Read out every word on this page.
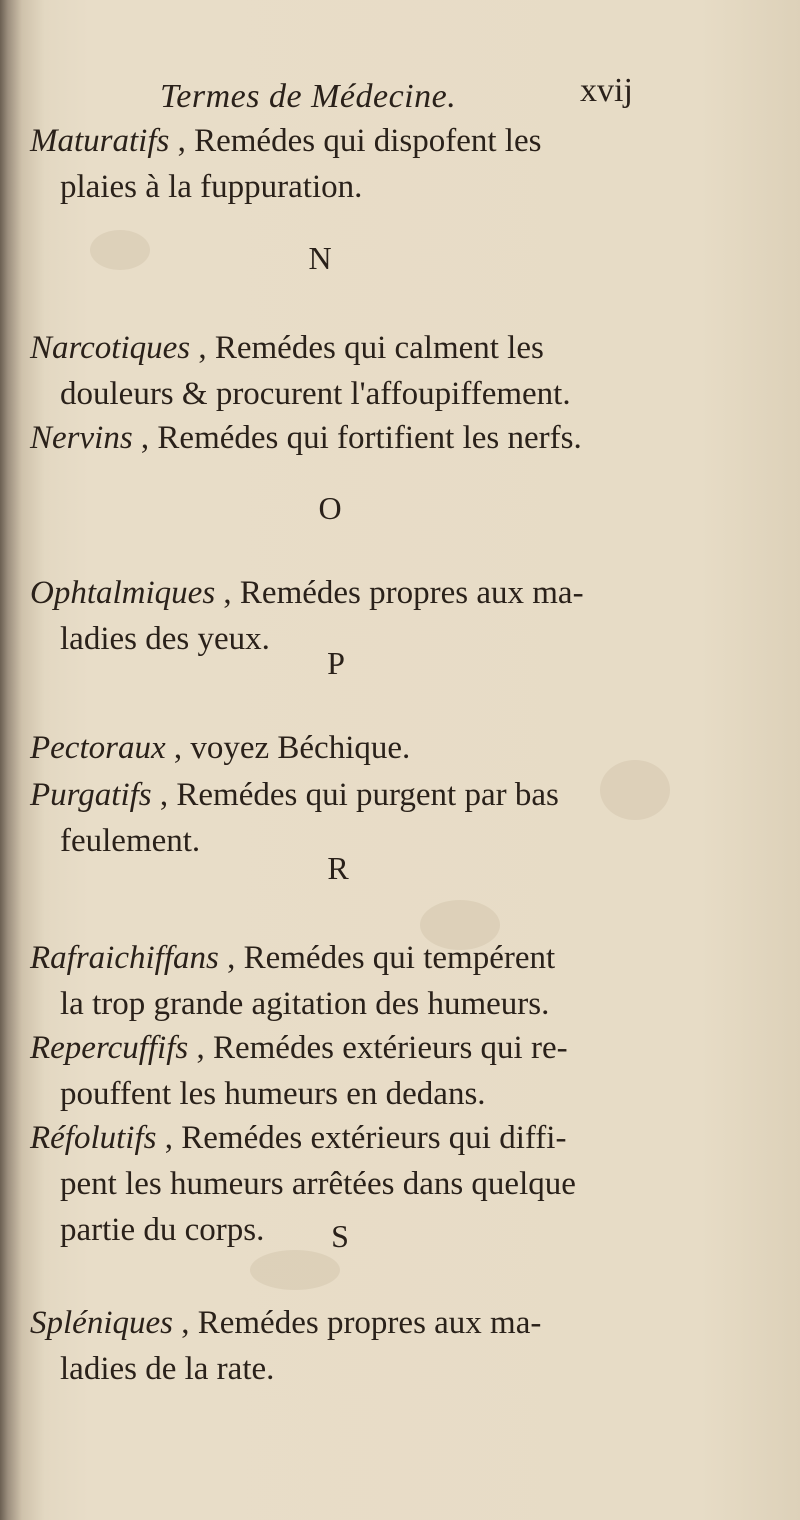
Termes de Médecine.	xvij
Maturatifs , Remédes qui dispofent les
plaies à la fuppuration.
N
Narcotiques , Remédes qui calment les
douleurs & procurent l'affoupiffement.
Nervins , Remédes qui fortifient les nerfs.
O
Ophtalmiques , Remédes propres aux ma-
ladies des yeux.
P
Pectoraux , voyez Béchique.
Purgatifs , Remédes qui purgent par bas
feulement.
R
Rafraichiffans , Remédes qui tempérent
la trop grande agitation des humeurs.
Repercuffifs , Remédes extérieurs qui re-
pouffent les humeurs en dedans.
Réfolutifs , Remédes extérieurs qui diffi-
pent les humeurs arrêtées dans quelque
partie du corps.	S
Spléniques , Remédes propres aux ma-
ladies de la rate.
